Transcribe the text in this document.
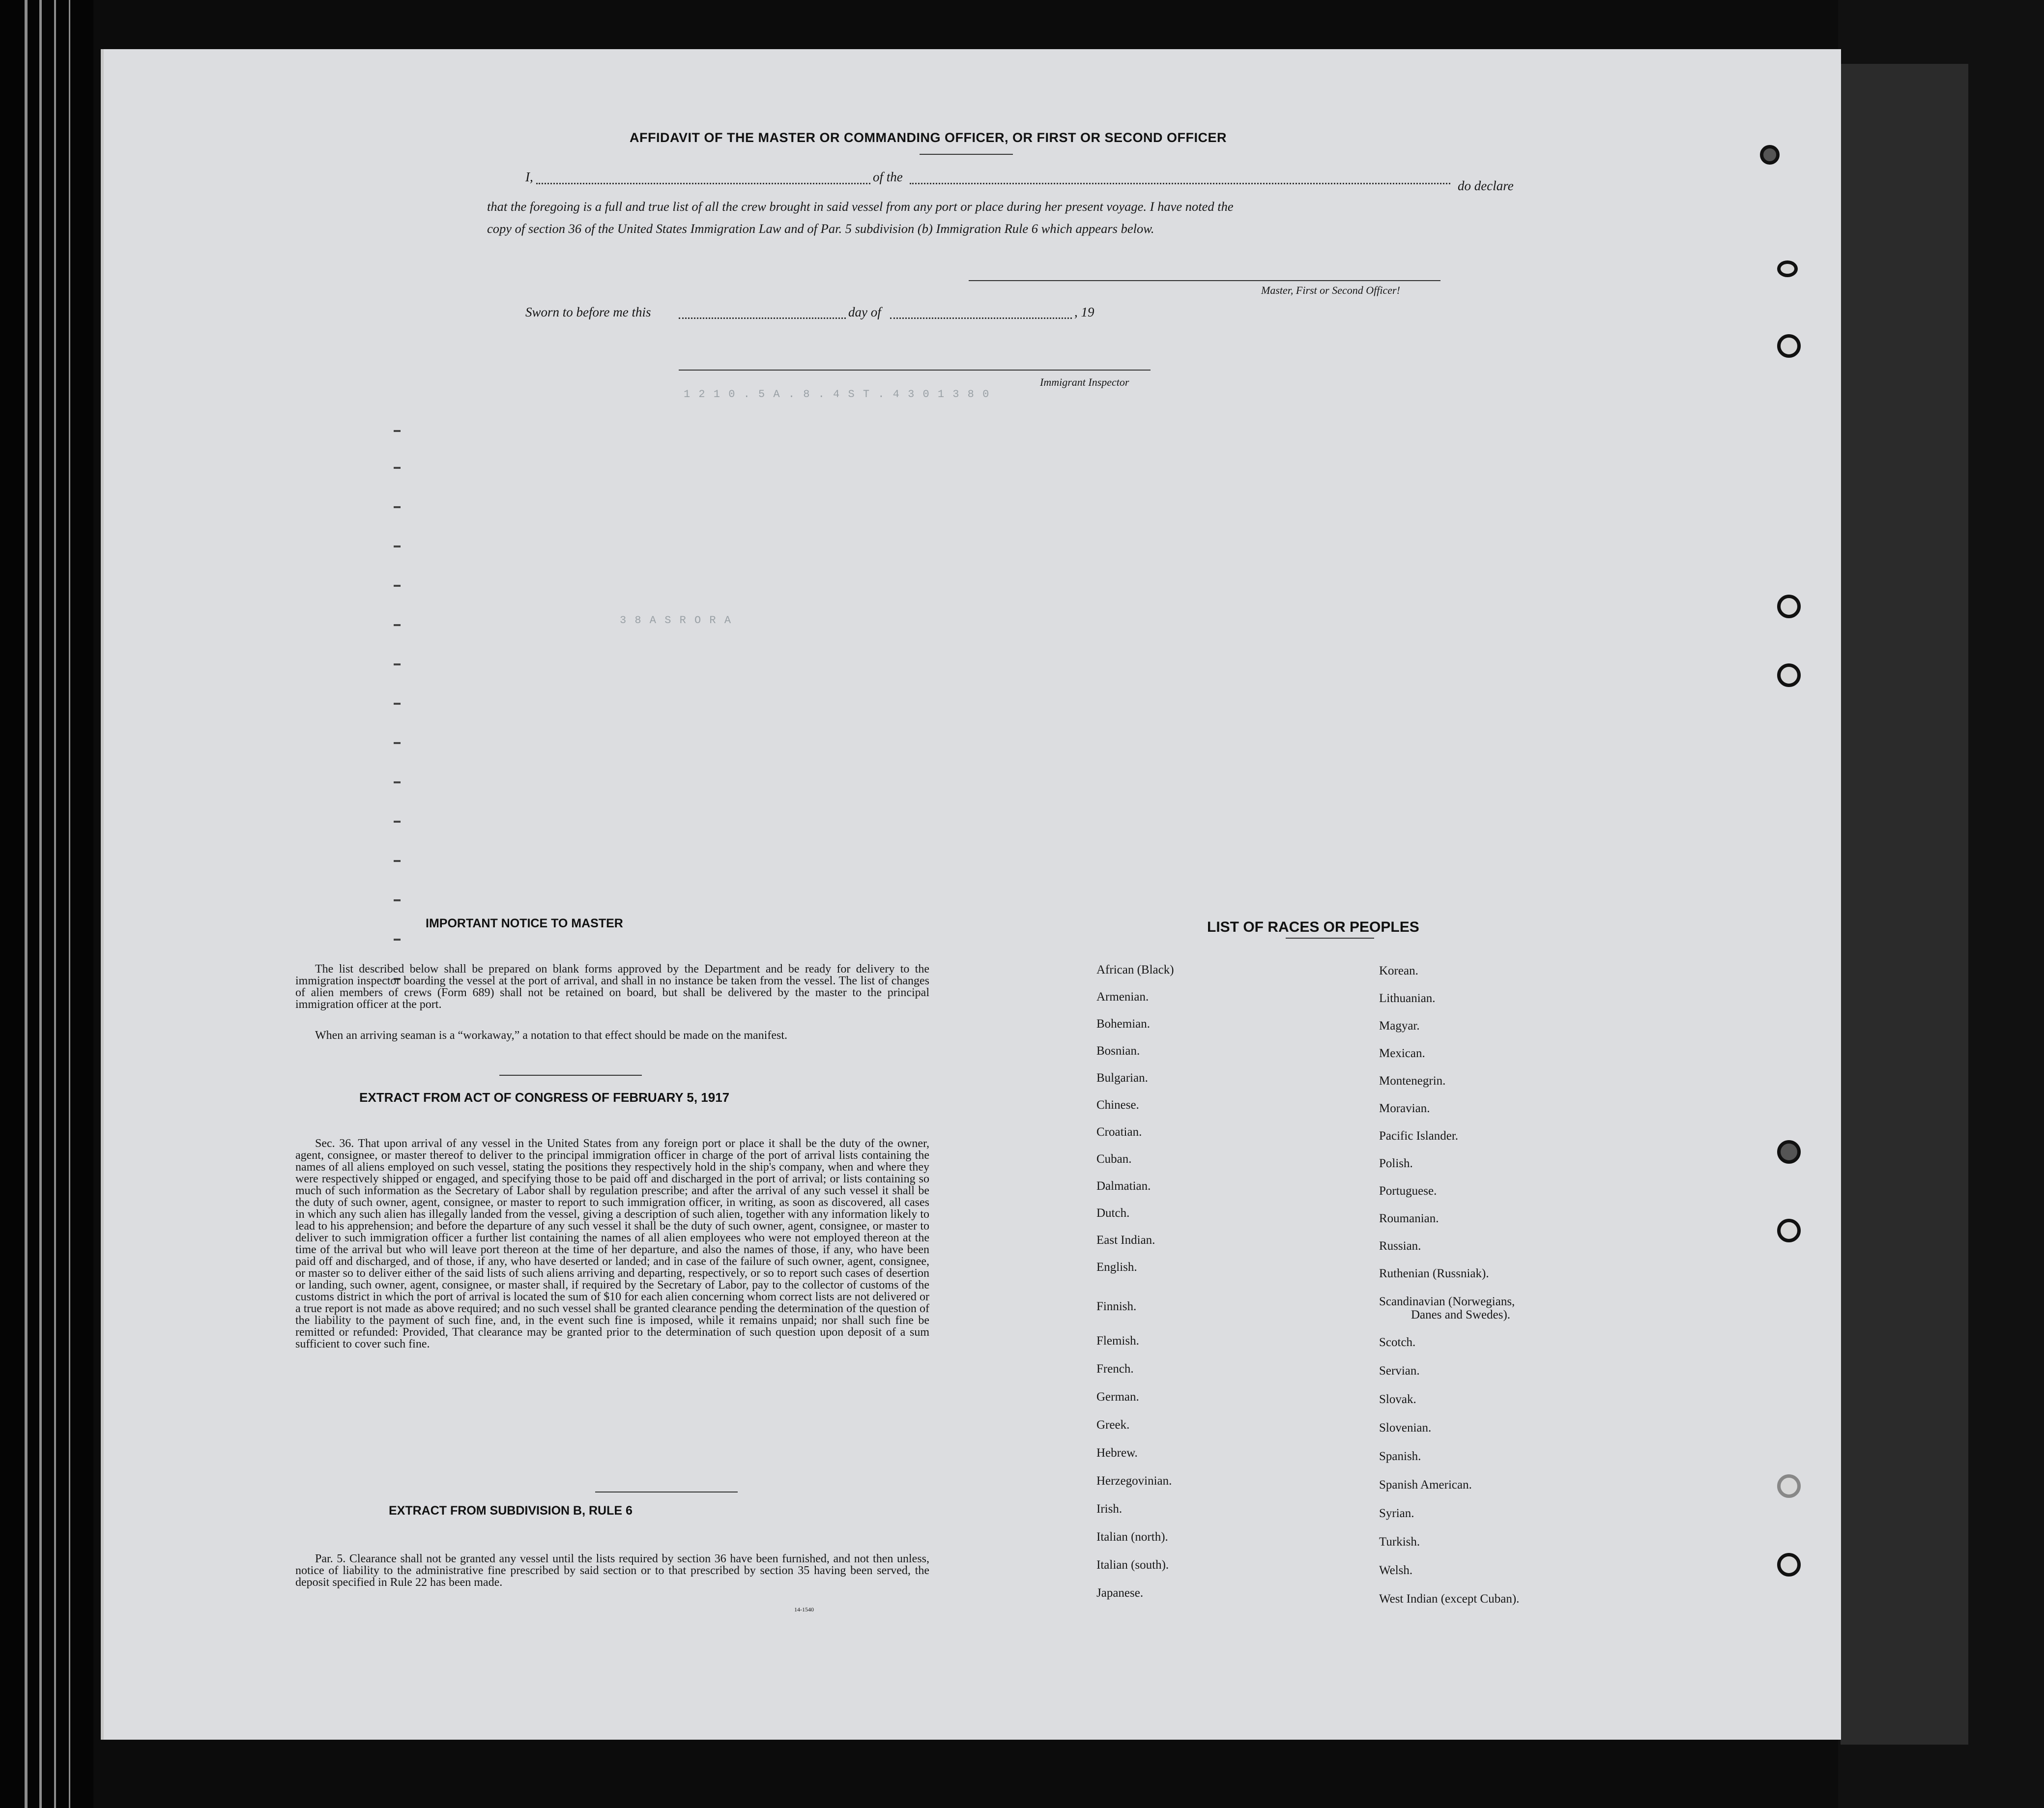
1 2 1 0 . 5 A . 8 . 4 S T . 4 3 0 1 3 8 0
3 8 A S R O R A
AFFIDAVIT OF THE MASTER OR COMMANDING OFFICER, OR FIRST OR SECOND OFFICER
I,	of the
do declare
that the foregoing is a full and true list of all the crew brought in said vessel from any port or place during her present voyage. I have noted the
copy of section 36 of the United States Immigration Law and of Par. 5 subdivision (b) Immigration Rule 6 which appears below.
Master, First or Second Officer!
Sworn to before me this	day of	, 19
Immigrant Inspector
IMPORTANT NOTICE TO MASTER
The list described below shall be prepared on blank forms approved by the Department and be ready for delivery to the immigration inspector boarding the vessel at the port of arrival, and shall in no instance be taken from the vessel. The list of changes of alien members of crews (Form 689) shall not be retained on board, but shall be delivered by the master to the principal immigration officer at the port.
When an arriving seaman is a “workaway,” a notation to that effect should be made on the manifest.
EXTRACT FROM ACT OF CONGRESS OF FEBRUARY 5, 1917
Sec. 36. That upon arrival of any vessel in the United States from any foreign port or place it shall be the duty of the owner, agent, consignee, or master thereof to deliver to the principal immigration officer in charge of the port of arrival lists containing the names of all aliens employed on such vessel, stating the positions they respectively hold in the ship's company, when and where they were respectively shipped or engaged, and specifying those to be paid off and discharged in the port of arrival; or lists containing so much of such information as the Secretary of Labor shall by regulation prescribe; and after the arrival of any such vessel it shall be the duty of such owner, agent, consignee, or master to report to such immigration officer, in writing, as soon as discovered, all cases in which any such alien has illegally landed from the vessel, giving a description of such alien, together with any information likely to lead to his apprehension; and before the departure of any such vessel it shall be the duty of such owner, agent, consignee, or master to deliver to such immigration officer a further list containing the names of all alien employees who were not employed thereon at the time of the arrival but who will leave port thereon at the time of her departure, and also the names of those, if any, who have been paid off and discharged, and of those, if any, who have deserted or landed; and in case of the failure of such owner, agent, consignee, or master so to deliver either of the said lists of such aliens arriving and departing, respectively, or so to report such cases of desertion or landing, such owner, agent, consignee, or master shall, if required by the Secretary of Labor, pay to the collector of customs of the customs district in which the port of arrival is located the sum of $10 for each alien concerning whom correct lists are not delivered or a true report is not made as above required; and no such vessel shall be granted clearance pending the determination of the question of the liability to the payment of such fine, and, in the event such fine is imposed, while it remains unpaid; nor shall such fine be remitted or refunded: Provided, That clearance may be granted prior to the determination of such question upon deposit of a sum sufficient to cover such fine.
EXTRACT FROM SUBDIVISION B, RULE 6
Par. 5. Clearance shall not be granted any vessel until the lists required by section 36 have been furnished, and not then unless, notice of liability to the administrative fine prescribed by said section or to that prescribed by section 35 having been served, the deposit specified in Rule 22 has been made.
14-1540
LIST OF RACES OR PEOPLES
African (Black)
Armenian.
Bohemian.
Bosnian.
Bulgarian.
Chinese.
Croatian.
Cuban.
Dalmatian.
Dutch.
East Indian.
English.
Finnish.
Flemish.
French.
German.
Greek.
Hebrew.
Herzegovinian.
Irish.
Italian (north).
Italian (south).
Japanese.
Korean.
Lithuanian.
Magyar.
Mexican.
Montenegrin.
Moravian.
Pacific Islander.
Polish.
Portuguese.
Roumanian.
Russian.
Ruthenian (Russniak).
Scandinavian (Norwegians,
Danes and Swedes).
Scotch.
Servian.
Slovak.
Slovenian.
Spanish.
Spanish American.
Syrian.
Turkish.
Welsh.
West Indian (except Cuban).
